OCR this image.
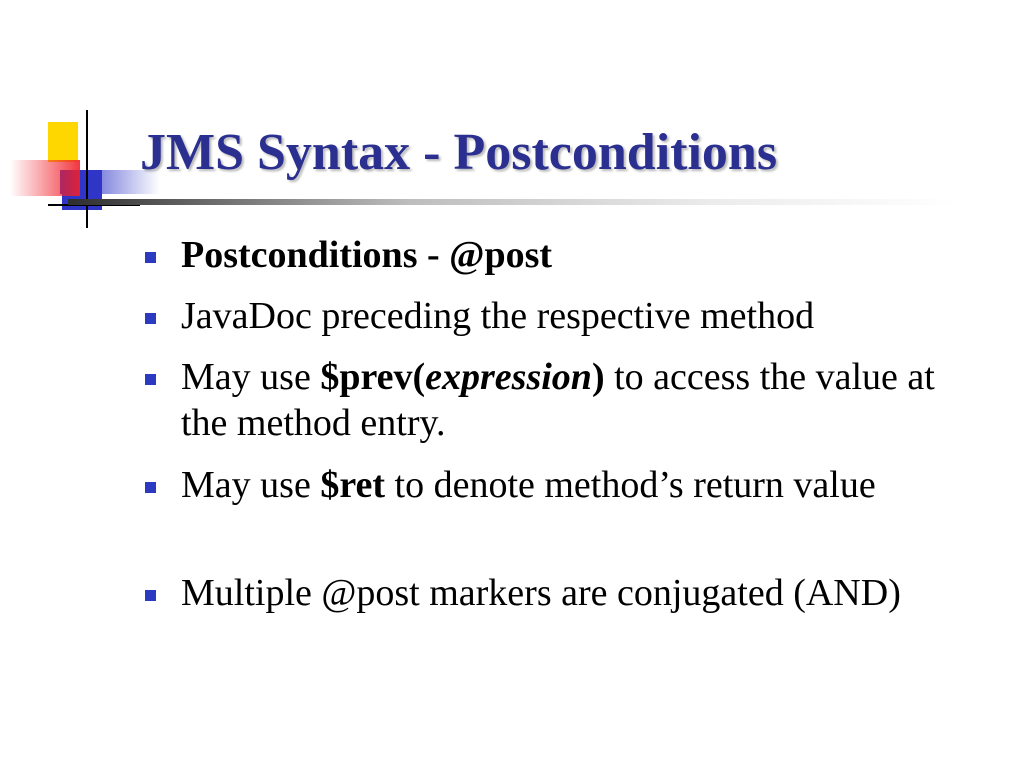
JMS Syntax - Postconditions
Postconditions - @post
JavaDoc preceding the respective method
May use $prev(expression) to access the value at the method entry.
May use $ret to denote method’s return value
Multiple @post markers are conjugated (AND)
